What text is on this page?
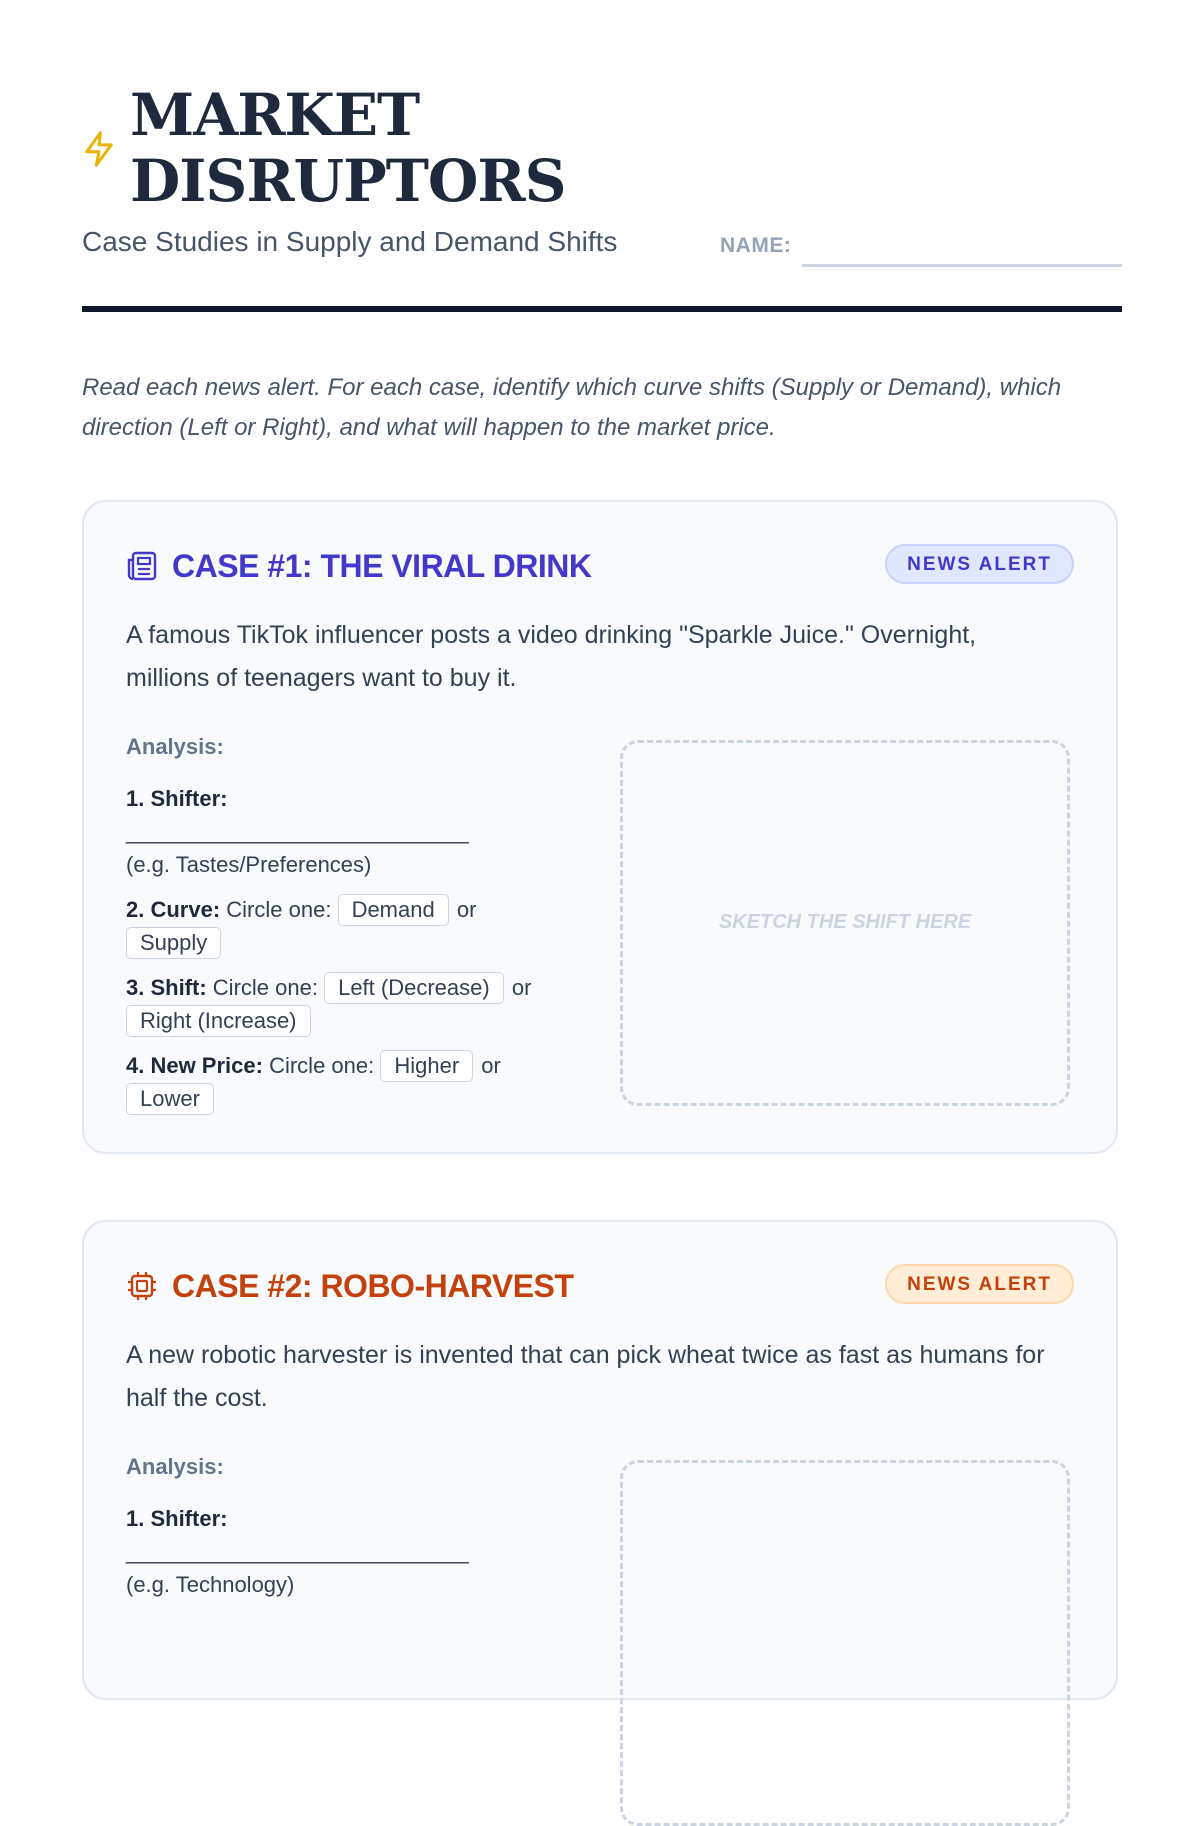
MARKET
DISRUPTORS
Case Studies in Supply and Demand Shifts	NAME:
Read each news alert. For each case, identify which curve shifts (Supply or Demand), which direction (Left or Right), and what will happen to the market price.
CASE #1: THE VIRAL DRINK	NEWS ALERT
A famous TikTok influencer posts a video drinking "Sparkle Juice." Overnight, millions of teenagers want to buy it.
Analysis:
1. Shifter: ____________________________
(e.g. Tastes/Preferences)
2. Curve: Circle one: Demand or
Supply
3. Shift: Circle one: Left (Decrease) or
Right (Increase)
4. New Price: Circle one: Higher or
Lower
SKETCH THE SHIFT HERE
CASE #2: ROBO-HARVEST	NEWS ALERT
A new robotic harvester is invented that can pick wheat twice as fast as humans for half the cost.
Analysis:
1. Shifter: ____________________________
(e.g. Technology)
